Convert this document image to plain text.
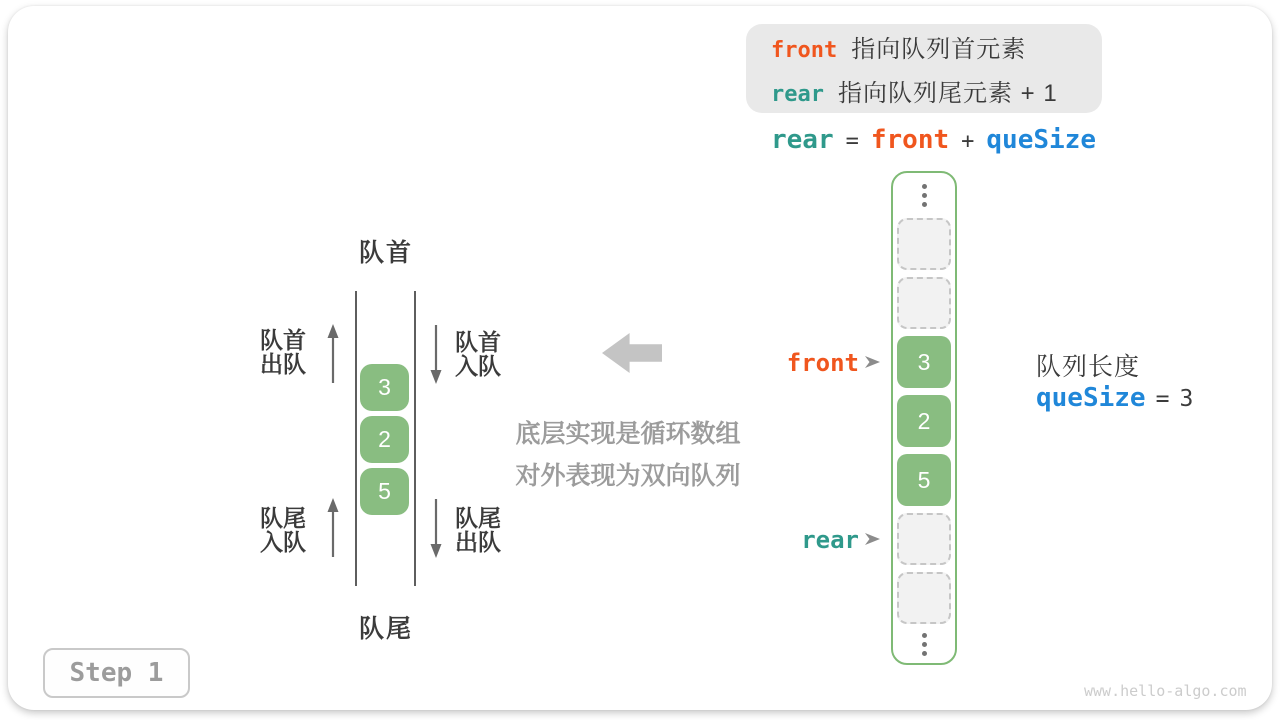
front 指向队列首元素
rear 指向队列尾元素 + 1
rear = front + queSize
队首
3
2
5
队首
出队
队首
入队
队尾
入队
队尾
出队
队尾
底层实现是循环数组
对外表现为双向队列
3
2
5
front
rear
队列长度
queSize = 3
Step 1
www.hello-algo.com
